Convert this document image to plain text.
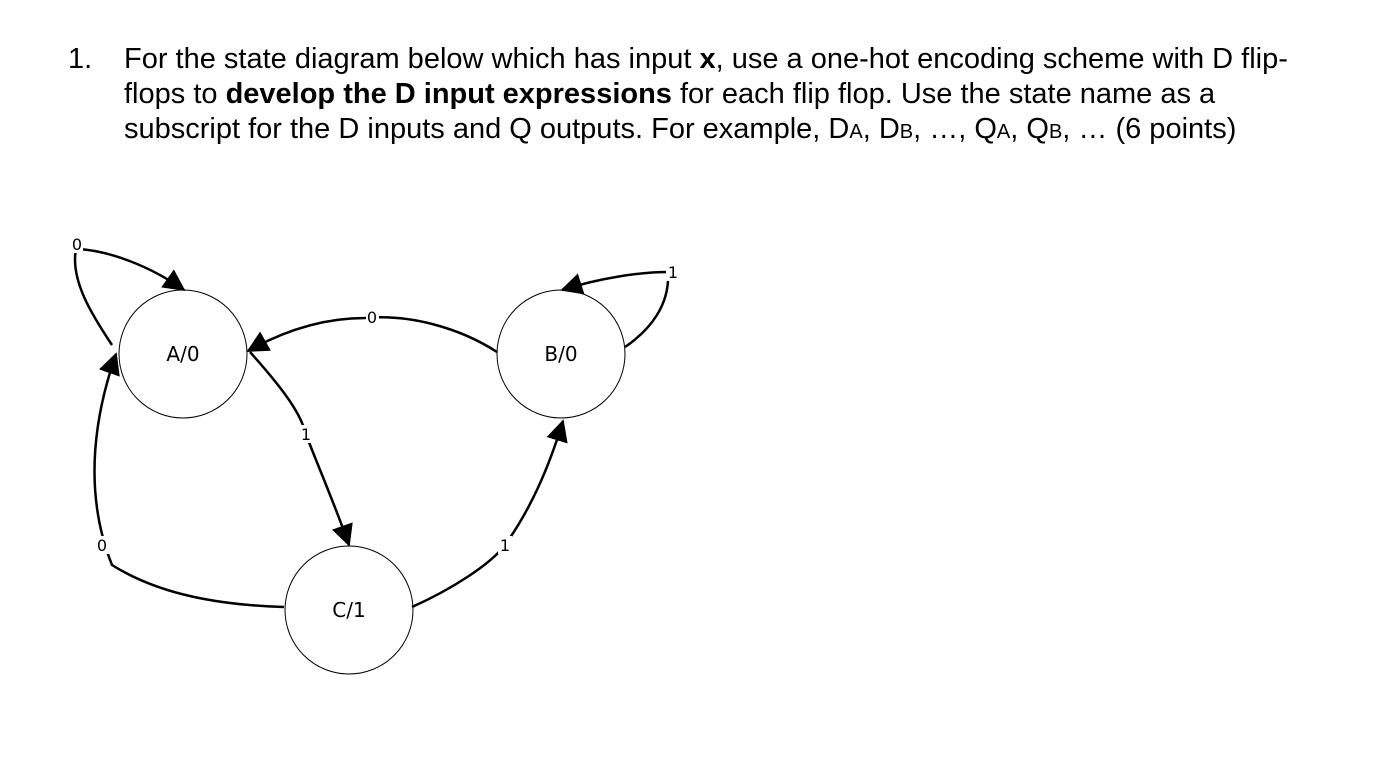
1. For the state diagram below which has input x, use a one-hot encoding scheme with D flip-flops to develop the D input expressions for each flip flop. Use the state name as a subscript for the D inputs and Q outputs. For example, DA, DB, …, QA, QB, … (6 points)
A/0	B/0
C/1
0
1
0
1
0	1
